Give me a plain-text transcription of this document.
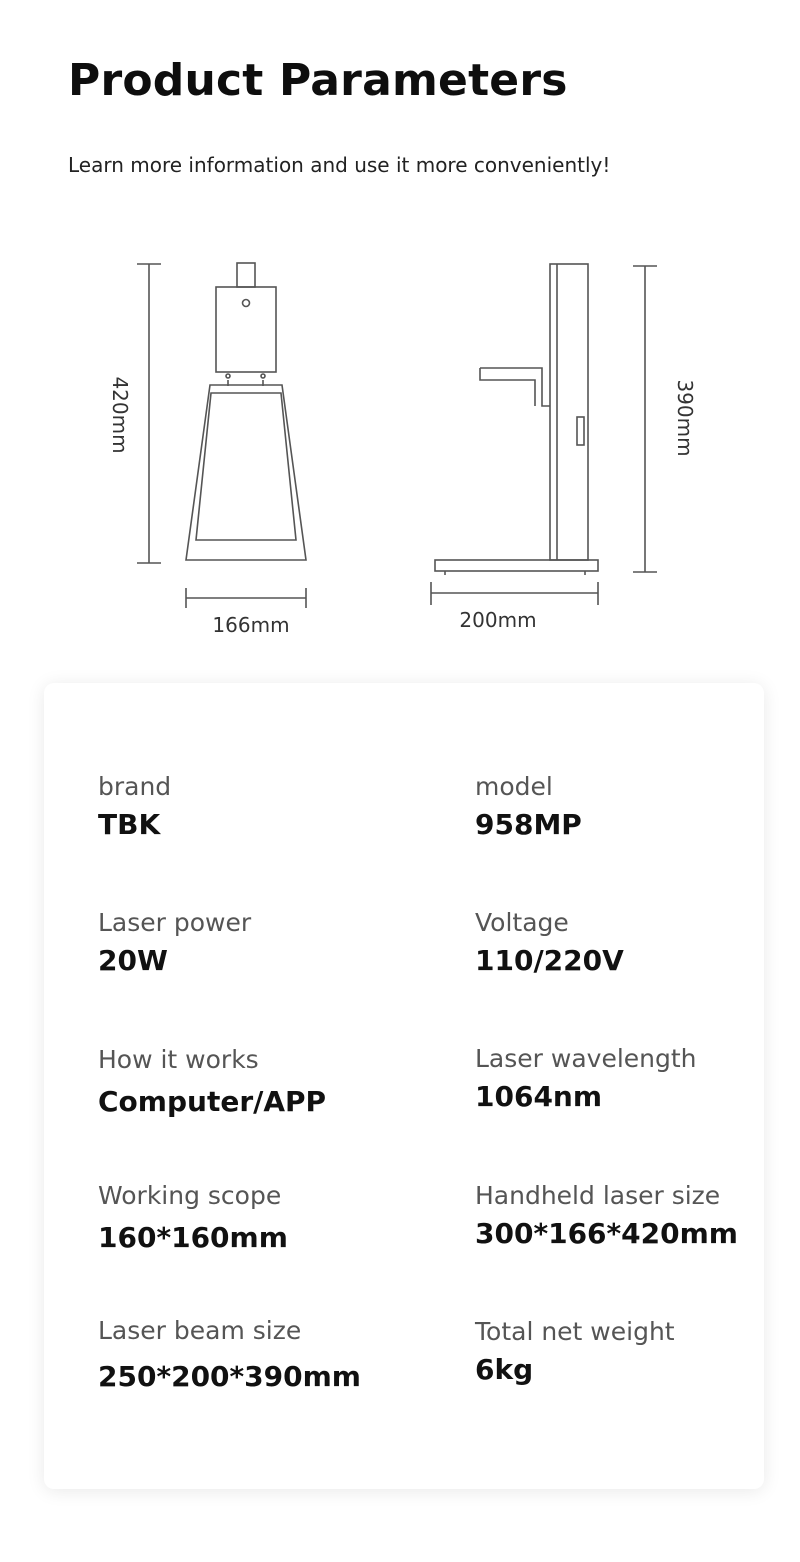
Product Parameters
Learn more information and use it more conveniently!
420mm
166mm	200mm
390mm
brand
TBK
model
958MP
Laser power
20W
Voltage
110/220V
How it works
Computer/APP
Laser wavelength
1064nm
Working scope
160*160mm
Handheld laser size
300*166*420mm
Laser beam size
250*200*390mm
Total net weight
6kg
